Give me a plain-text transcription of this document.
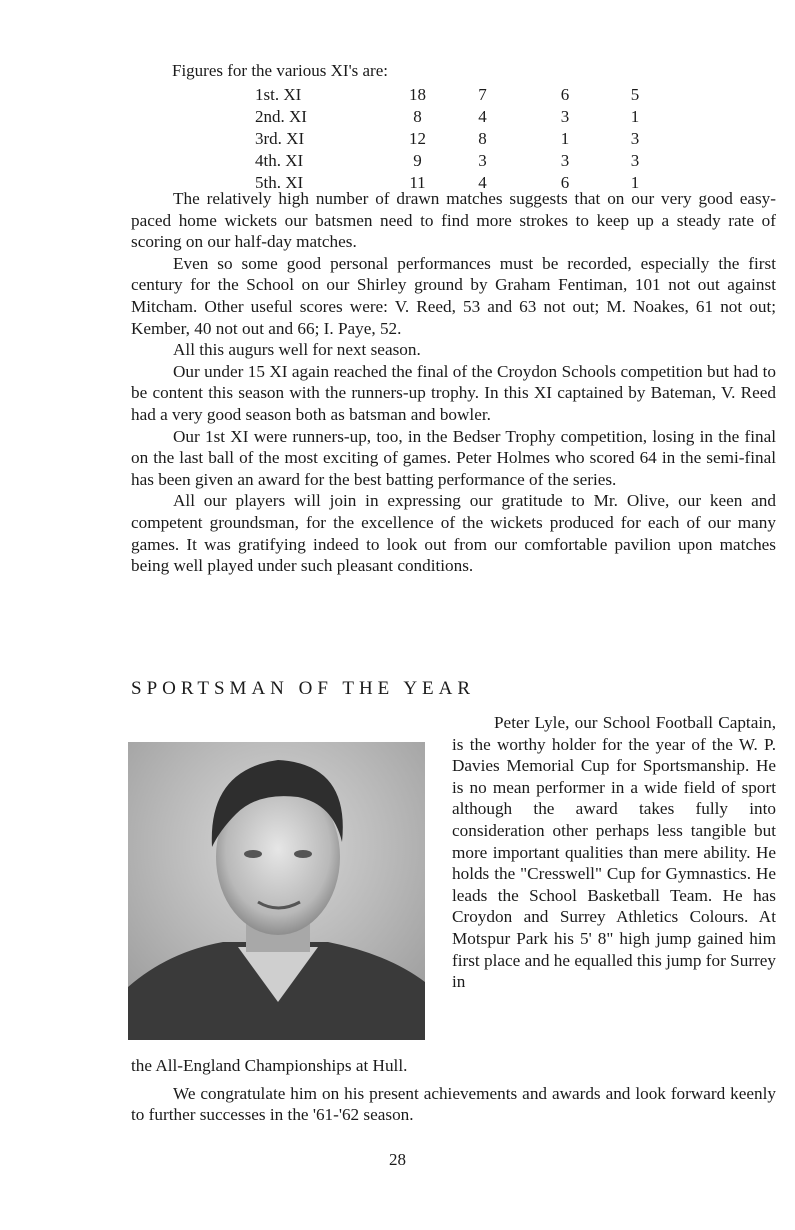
Figures for the various XI's are:
1st. XI	18	7	6	5
2nd. XI	8	4	3	1
3rd. XI	12	8	1	3
4th. XI	9	3	3	3
5th. XI	11	4	6	1

The relatively high number of drawn matches suggests that on our very good easy-paced home wickets our batsmen need to find more strokes to keep up a steady rate of scoring on our half-day matches.

Even so some good personal performances must be recorded, especially the first century for the School on our Shirley ground by Graham Fentiman, 101 not out against Mitcham. Other useful scores were: V. Reed, 53 and 63 not out; M. Noakes, 61 not out; Kember, 40 not out and 66; I. Paye, 52.

All this augurs well for next season.

Our under 15 XI again reached the final of the Croydon Schools competition but had to be content this season with the runners-up trophy. In this XI captained by Bateman, V. Reed had a very good season both as batsman and bowler.

Our 1st XI were runners-up, too, in the Bedser Trophy competition, losing in the final on the last ball of the most exciting of games. Peter Holmes who scored 64 in the semi-final has been given an award for the best batting performance of the series.

All our players will join in expressing our gratitude to Mr. Olive, our keen and competent groundsman, for the excellence of the wickets produced for each of our many games. It was gratifying indeed to look out from our comfortable pavilion upon matches being well played under such pleasant conditions.

SPORTSMAN OF THE YEAR

Peter Lyle, our School Football Captain, is the worthy holder for the year of the W. P. Davies Memorial Cup for Sportsmanship. He is no mean performer in a wide field of sport although the award takes fully into consideration other perhaps less tangible but more important qualities than mere ability. He holds the "Cresswell" Cup for Gymnastics. He leads the School Basketball Team. He has Croydon and Surrey Athletics Colours. At Motspur Park his 5' 8" high jump gained him first place and he equalled this jump for Surrey in

the All-England Championships at Hull.

We congratulate him on his present achievements and awards and look forward keenly to further successes in the '61-'62 season.

28
